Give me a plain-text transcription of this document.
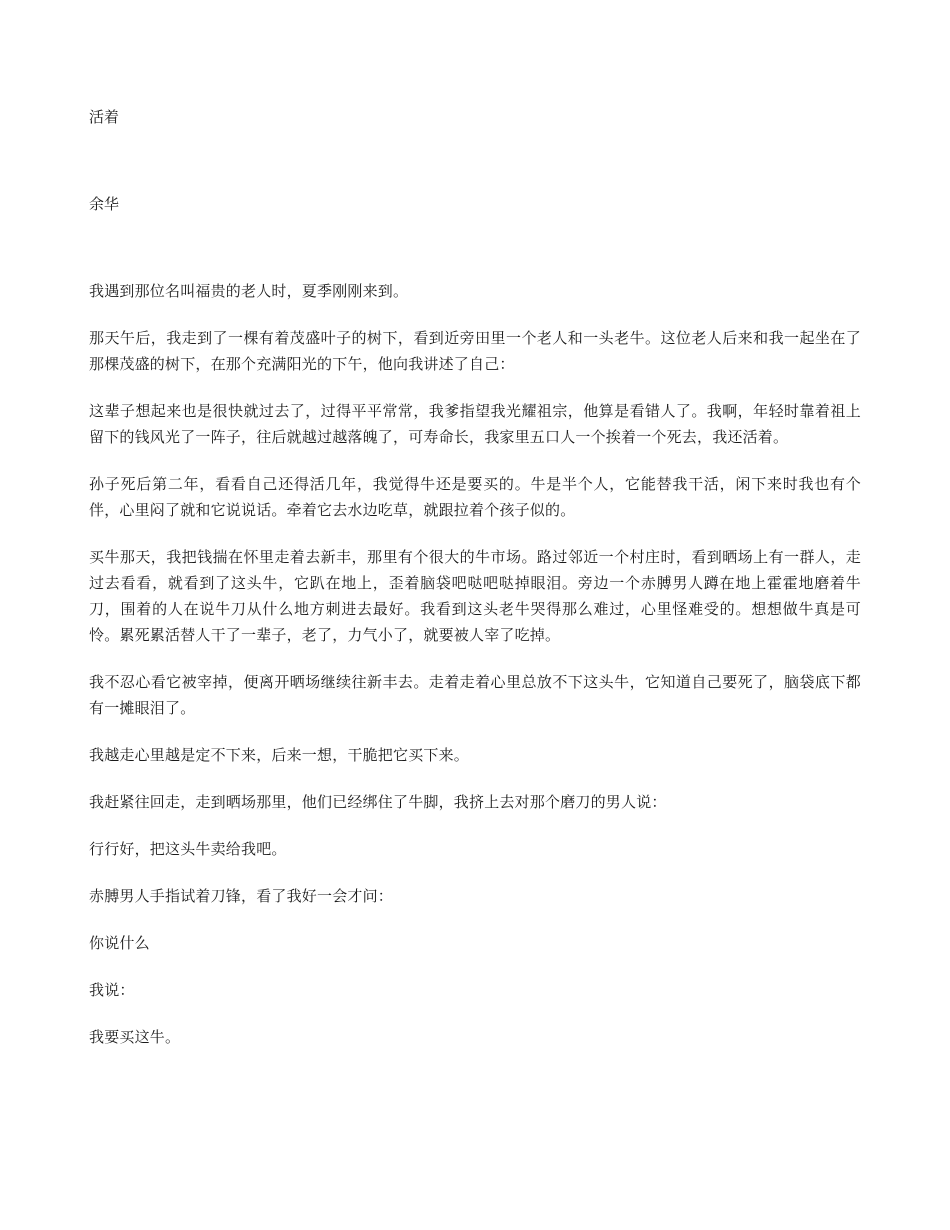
活着

余华

我遇到那位名叫福贵的老人时，夏季刚刚来到。

那天午后，我走到了一棵有着茂盛叶子的树下，看到近旁田里一个老人和一头老牛。这位老人后来和我一起坐在了那棵茂盛的树下，在那个充满阳光的下午，他向我讲述了自己：

这辈子想起来也是很快就过去了，过得平平常常，我爹指望我光耀祖宗，他算是看错人了。我啊，年轻时靠着祖上留下的钱风光了一阵子，往后就越过越落魄了，可寿命长，我家里五口人一个挨着一个死去，我还活着。

孙子死后第二年，看看自己还得活几年，我觉得牛还是要买的。牛是半个人，它能替我干活，闲下来时我也有个伴，心里闷了就和它说说话。牵着它去水边吃草，就跟拉着个孩子似的。

买牛那天，我把钱揣在怀里走着去新丰，那里有个很大的牛市场。路过邻近一个村庄时，看到晒场上有一群人，走过去看看，就看到了这头牛，它趴在地上，歪着脑袋吧哒吧哒掉眼泪。旁边一个赤膊男人蹲在地上霍霍地磨着牛刀，围着的人在说牛刀从什么地方刺进去最好。我看到这头老牛哭得那么难过，心里怪难受的。想想做牛真是可怜。累死累活替人干了一辈子，老了，力气小了，就要被人宰了吃掉。

我不忍心看它被宰掉，便离开晒场继续往新丰去。走着走着心里总放不下这头牛，它知道自己要死了，脑袋底下都有一摊眼泪了。

我越走心里越是定不下来，后来一想，干脆把它买下来。

我赶紧往回走，走到晒场那里，他们已经绑住了牛脚，我挤上去对那个磨刀的男人说：

行行好，把这头牛卖给我吧。

赤膊男人手指试着刀锋，看了我好一会才问：

你说什么

我说：

我要买这牛。
